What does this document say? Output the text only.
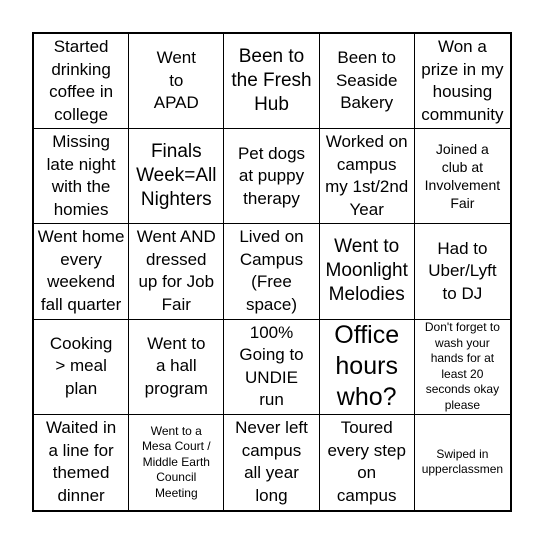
Started
drinking
coffee in
college
Went
to
APAD
Been to
the Fresh
Hub
Been to
Seaside
Bakery
Won a
prize in my
housing
community
Missing
late night
with the
homies
Finals
Week=All
Nighters
Pet dogs
at puppy
therapy
Worked on
campus
my 1st/2nd
Year
Joined a
club at
Involvement
Fair
Went home
every
weekend
fall quarter
Went AND
dressed
up for Job
Fair
Lived on
Campus
(Free
space)
Went to
Moonlight
Melodies
Had to
Uber/Lyft
to DJ
Cooking
> meal
plan
Went to
a hall
program
100%
Going to
UNDIE
run
Office
hours
who?
Don't forget to
wash your
hands for at
least 20
seconds okay
please
Waited in
a line for
themed
dinner
Went to a
Mesa Court /
Middle Earth
Council
Meeting
Never left
campus
all year
long
Toured
every step
on
campus
Swiped in
upperclassmen
